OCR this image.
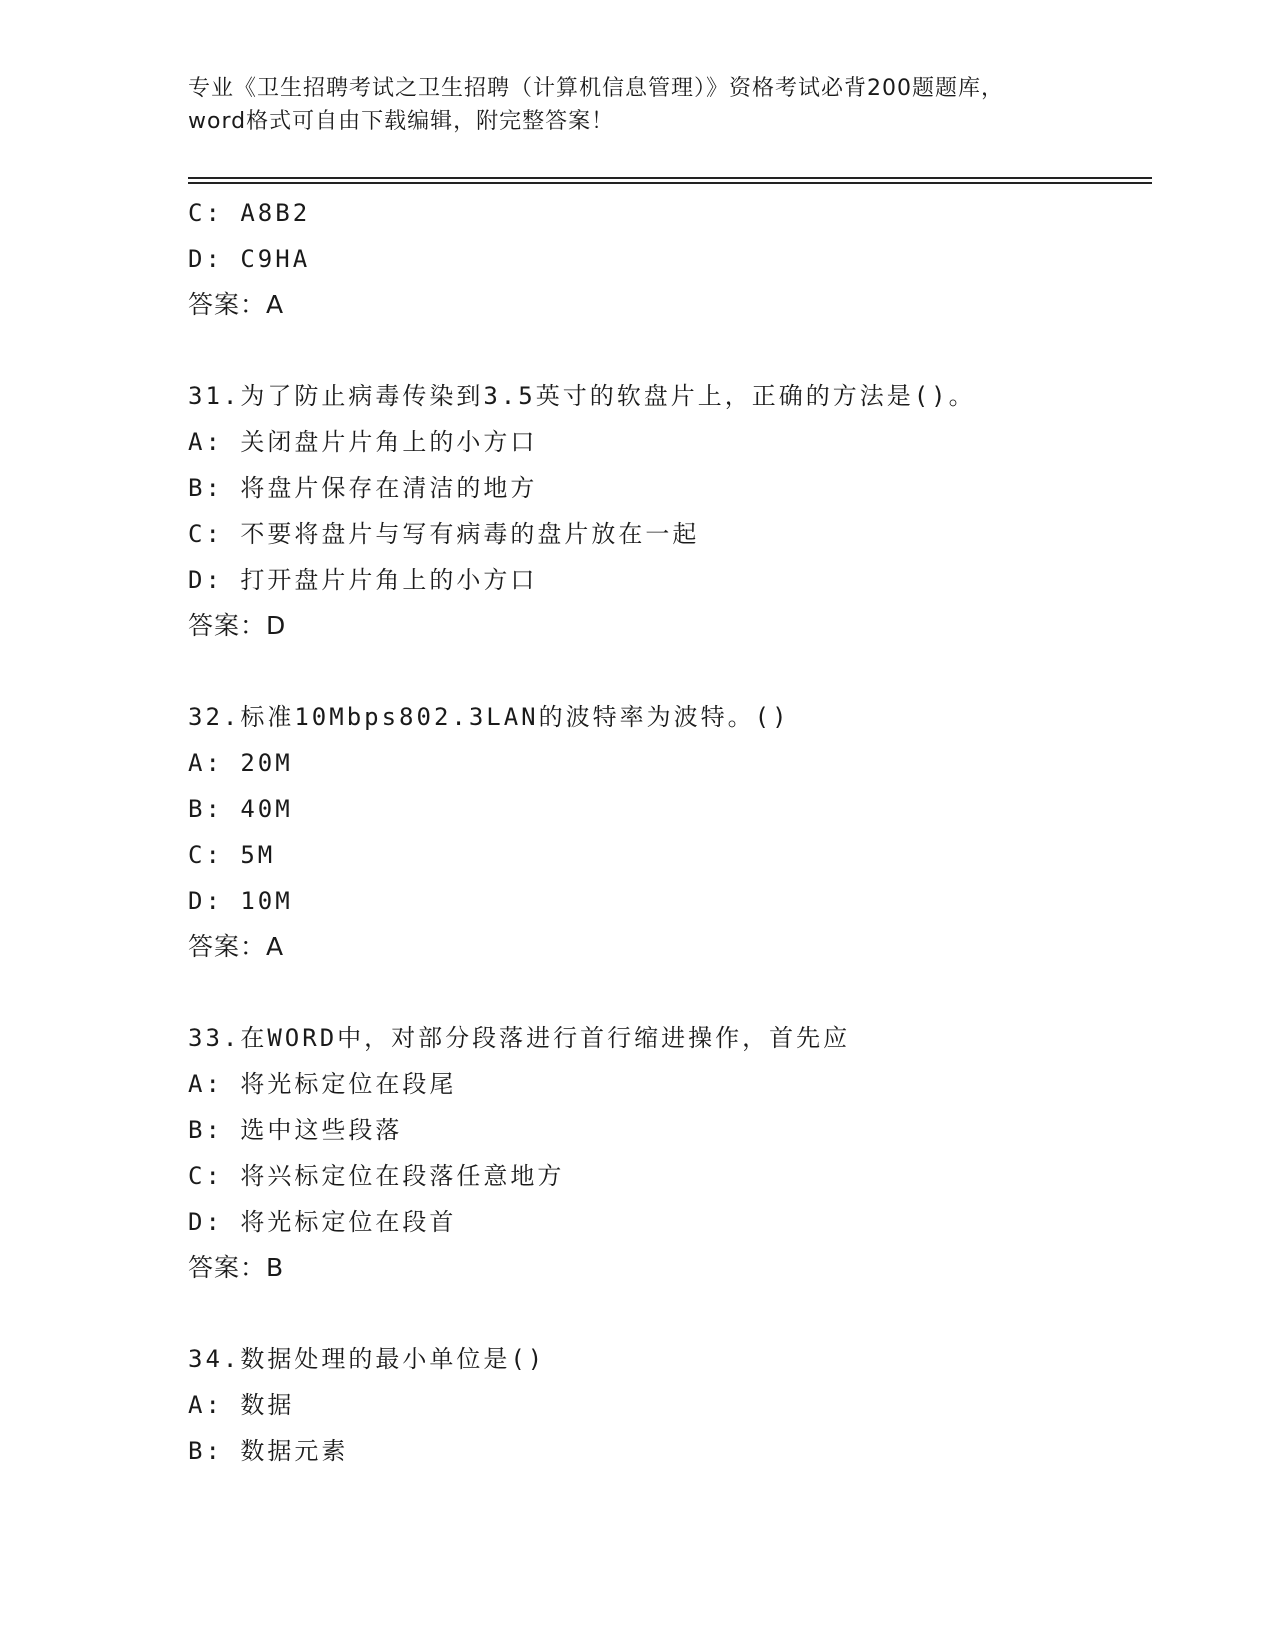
专业《卫生招聘考试之卫生招聘（计算机信息管理）》资格考试必背200题题库，
word格式可自由下载编辑，附完整答案！
C: A8B2
D: C9HA
答案：A
31.为了防止病毒传染到3.5英寸的软盘片上，正确的方法是()。
A: 关闭盘片片角上的小方口
B: 将盘片保存在清洁的地方
C: 不要将盘片与写有病毒的盘片放在一起
D: 打开盘片片角上的小方口
答案：D
32.标准10Mbps802.3LAN的波特率为波特。()
A: 20M
B: 40M
C: 5M
D: 10M
答案：A
33.在WORD中，对部分段落进行首行缩进操作，首先应
A: 将光标定位在段尾
B: 选中这些段落
C: 将兴标定位在段落任意地方
D: 将光标定位在段首
答案：B
34.数据处理的最小单位是()
A: 数据
B: 数据元素
